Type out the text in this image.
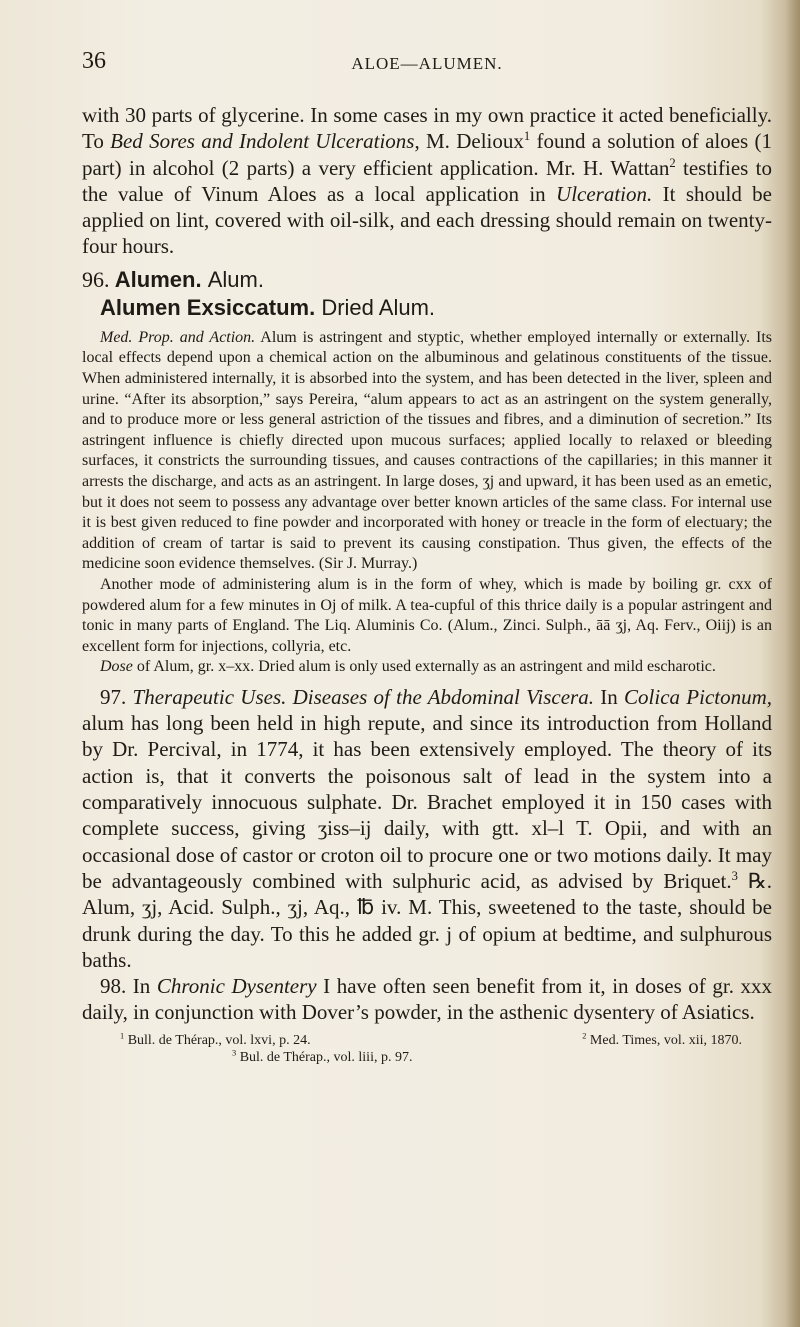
36	ALOE—ALUMEN.

with 30 parts of glycerine. In some cases in my own practice it acted beneficially. To Bed Sores and Indolent Ulcerations, M. Delioux$^1$ found a solution of aloes (1 part) in alcohol (2 parts) a very efficient application. Mr. H. Wattan$^2$ testifies to the value of Vinum Aloes as a local application in Ulceration. It should be applied on lint, covered with oil-silk, and each dressing should remain on twenty-four hours.

96. Alumen. Alum.

Alumen Exsiccatum. Dried Alum.

Med. Prop. and Action. Alum is astringent and styptic, whether employed internally or externally. Its local effects depend upon a chemical action on the albuminous and gelatinous constituents of the tissue. When administered internally, it is absorbed into the system, and has been detected in the liver, spleen and urine. “After its absorption,” says Pereira, “alum appears to act as an astringent on the system generally, and to produce more or less general astriction of the tissues and fibres, and a diminution of secretion.” Its astringent influence is chiefly directed upon mucous surfaces; applied locally to relaxed or bleeding surfaces, it constricts the surrounding tissues, and causes contractions of the capillaries; in this manner it arrests the discharge, and acts as an astringent. In large doses, ʒj and upward, it has been used as an emetic, but it does not seem to possess any advantage over better known articles of the same class. For internal use it is best given reduced to fine powder and incorporated with honey or treacle in the form of electuary; the addition of cream of tartar is said to prevent its causing constipation. Thus given, the effects of the medicine soon evidence themselves. (Sir J. Murray.)

Another mode of administering alum is in the form of whey, which is made by boiling gr. cxx of powdered alum for a few minutes in Oj of milk. A tea-cupful of this thrice daily is a popular astringent and tonic in many parts of England. The Liq. Aluminis Co. (Alum., Zinci. Sulph., āā ʒj, Aq. Ferv., Oiij) is an excellent form for injections, collyria, etc.

Dose of Alum, gr. x–xx. Dried alum is only used externally as an astringent and mild escharotic.

97. Therapeutic Uses. Diseases of the Abdominal Viscera. In Colica Pictonum, alum has long been held in high repute, and since its introduction from Holland by Dr. Percival, in 1774, it has been extensively employed. The theory of its action is, that it converts the poisonous salt of lead in the system into a comparatively innocuous sulphate. Dr. Brachet employed it in 150 cases with complete success, giving ʒiss–ij daily, with gtt. xl–l T. Opii, and with an occasional dose of castor or croton oil to procure one or two motions daily. It may be advantageously combined with sulphuric acid, as advised by Briquet.$^3$ ℞. Alum, ʒj, Acid. Sulph., ʒj, Aq., ℔ iv. M. This, sweetened to the taste, should be drunk during the day. To this he added gr. j of opium at bedtime, and sulphurous baths.

98. In Chronic Dysentery I have often seen benefit from it, in doses of gr. xxx daily, in conjunction with Dover’s powder, in the asthenic dysentery of Asiatics.

$^1$ Bull. de Thérap., vol. lxvi, p. 24.	$^2$ Med. Times, vol. xii, 1870.
$^3$ Bul. de Thérap., vol. liii, p. 97.
